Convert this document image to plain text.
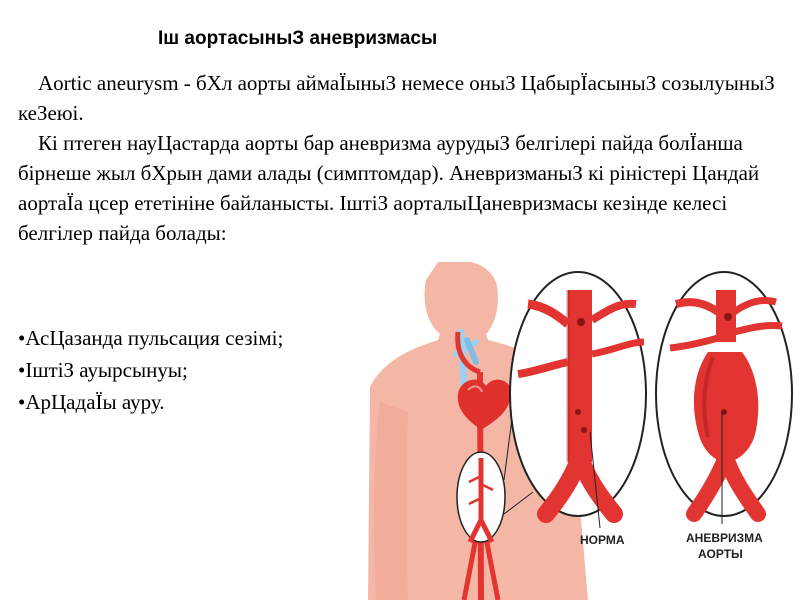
Іш аортасыныЗ аневризмасы

Aortic aneurysm - бХл аорты аймаЇыныЗ немесе оныЗ ЦабырЇасыныЗ созылуыныЗ кеЗеюі.

Кі птеген науЦастарда аорты бар аневризма аурудыЗ белгілері пайда болЇанша бірнеше жыл бХрын дами алады (симптомдар). АневризманыЗ кі ріністері Цандай аортаЇа цсер ететініне байланысты. ІштіЗ аорталыЦаневризмасы кезінде келесі белгілер пайда болады:

•АсЦазанда пульсация сезімі;
•ІштіЗ ауырсынуы;
•АрЦадаЇы ауру.
НОРМА	АНЕВРИЗМА
АОРТЫ
